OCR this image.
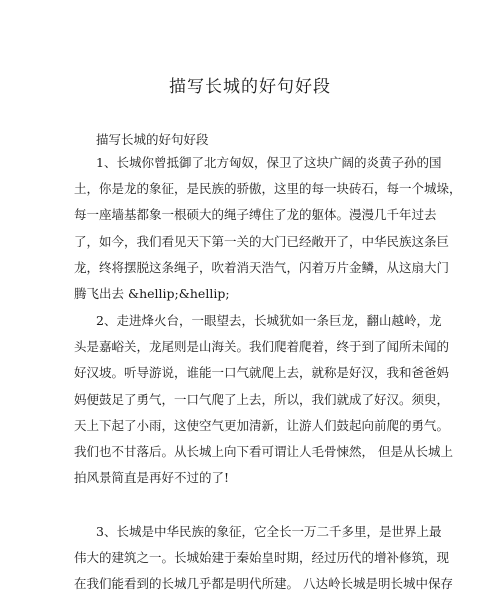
描写长城的好句好段
描写长城的好句好段
1、长城你曾抵御了北方匈奴，保卫了这块广阔的炎黄子孙的国
土，你是龙的象征，是民族的骄傲，这里的每一块砖石，每一个城垛，
每一座墙基都象一根硕大的绳子缚住了龙的躯体。漫漫几千年过去
了，如今，我们看见天下第一关的大门已经敞开了，中华民族这条巨
龙，终将摆脱这条绳子，吹着消天浩气，闪着万片金鳞，从这扇大门
腾飞出去 &hellip;&hellip;
2、走进烽火台，一眼望去，长城犹如一条巨龙，翻山越岭，龙
头是嘉峪关，龙尾则是山海关。我们爬着爬着，终于到了闻所未闻的
好汉坡。听导游说，谁能一口气就爬上去，就称是好汉，我和爸爸妈
妈便鼓足了勇气，一口气爬了上去，所以，我们就成了好汉。须臾，
天上下起了小雨，这使空气更加清新，让游人们鼓起向前爬的勇气。
我们也不甘落后。从长城上向下看可谓让人毛骨悚然， 但是从长城上
拍风景简直是再好不过的了!
3、长城是中华民族的象征，它全长一万二千多里，是世界上最
伟大的建筑之一。长城始建于秦始皇时期，经过历代的增补修筑，现
在我们能看到的长城几乎都是明代所建。 八达岭长城是明长城中保存
